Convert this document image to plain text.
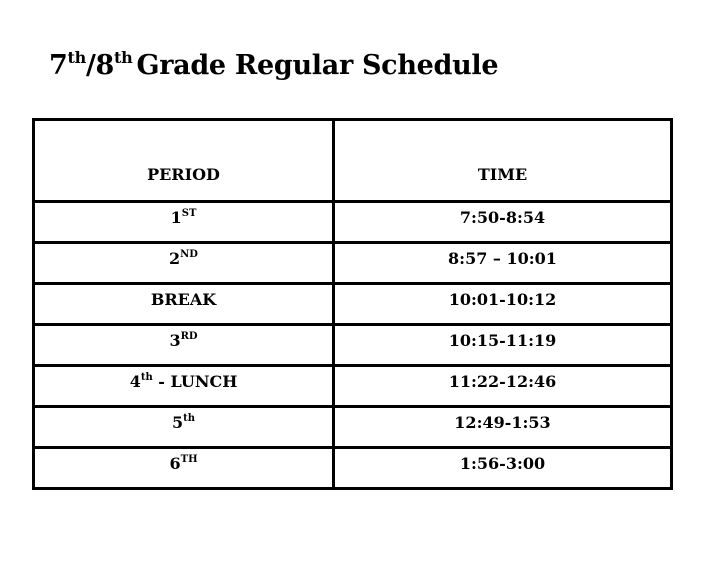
7th/8th Grade Regular Schedule
PERIOD	TIME
1ST	7:50-8:54
2ND	8:57 – 10:01
BREAK	10:01-10:12
3RD	10:15-11:19
4th - LUNCH	11:22-12:46
5th	12:49-1:53
6TH	1:56-3:00
